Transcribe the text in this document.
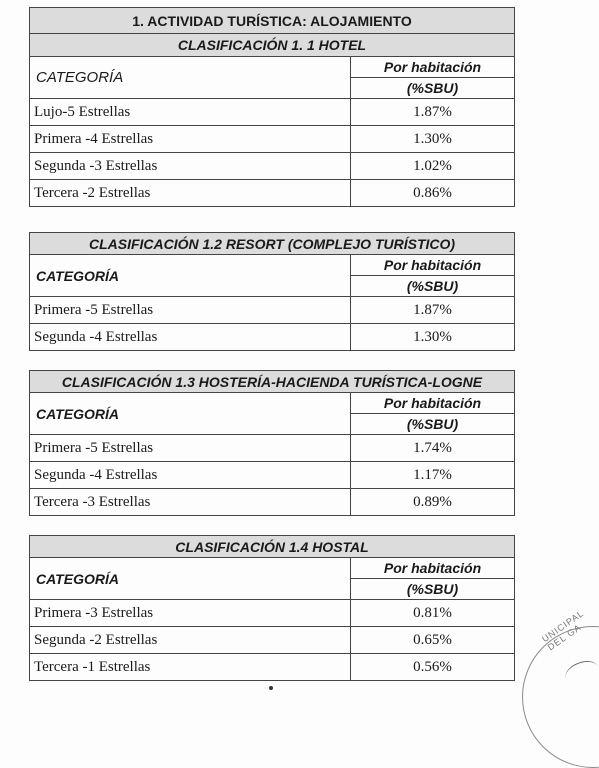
1. ACTIVIDAD TURÍSTICA: ALOJAMIENTO	
CLASIFICACIÓN 1. 1 HOTEL	
CATEGORÍA	Por habitación
	(%SBU)
Lujo-5 Estrellas	1.87%
Primera -4 Estrellas	1.30%
Segunda -3 Estrellas	1.02%
Tercera -2 Estrellas	0.86%
CLASIFICACIÓN 1.2 RESORT (COMPLEJO TURÍSTICO)	
CATEGORÍA	Por habitación
	(%SBU)
Primera -5 Estrellas	1.87%
Segunda -4 Estrellas	1.30%
CLASIFICACIÓN 1.3 HOSTERÍA-HACIENDA TURÍSTICA-LOGNE	
CATEGORÍA	Por habitación
	(%SBU)
Primera -5 Estrellas	1.74%
Segunda -4 Estrellas	1.17%
Tercera -3 Estrellas	0.89%
CLASIFICACIÓN 1.4 HOSTAL	
CATEGORÍA	Por habitación
	(%SBU)
Primera -3 Estrellas	0.81%
Segunda -2 Estrellas	0.65%
Tercera -1 Estrellas	0.56%
UNICIPAL DEL GA
